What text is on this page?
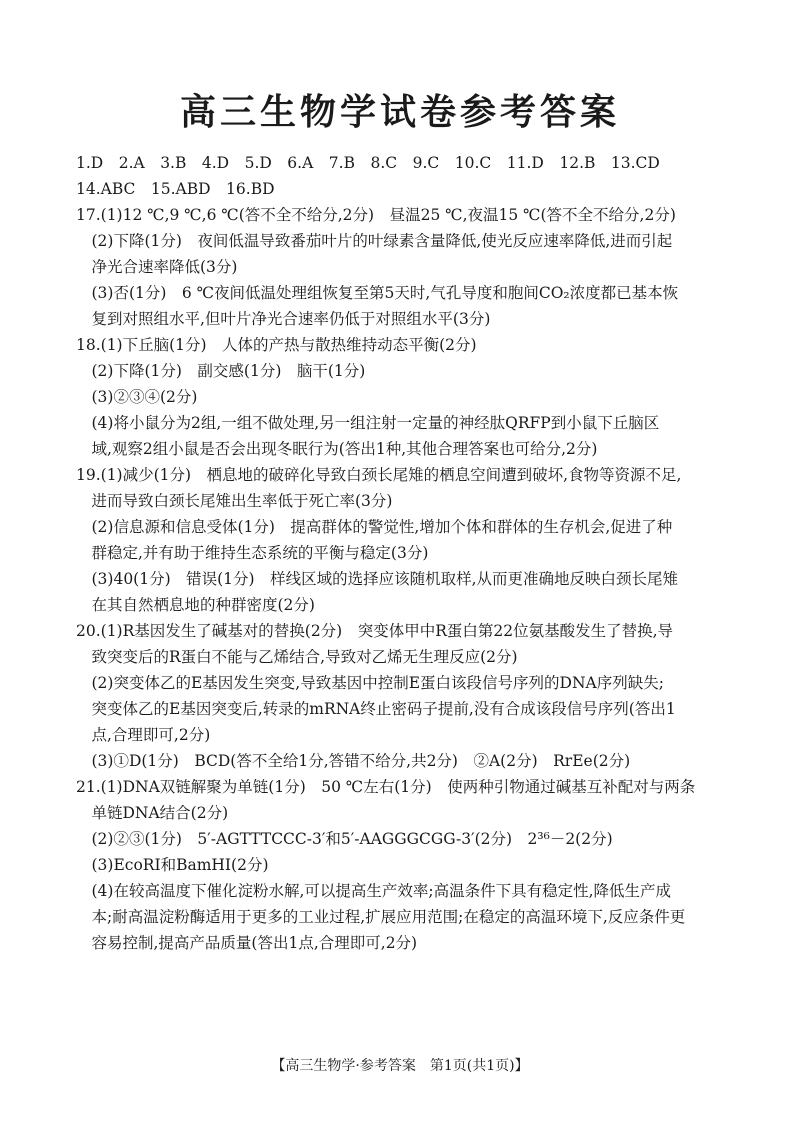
高三生物学试卷参考答案
1.D　2.A　3.B　4.D　5.D　6.A　7.B　8.C　9.C　10.C　11.D　12.B　13.CD
14.ABC　15.ABD　16.BD
17.(1)12 ℃,9 ℃,6 ℃(答不全不给分,2分)　昼温25 ℃,夜温15 ℃(答不全不给分,2分)
　(2)下降(1分)　夜间低温导致番茄叶片的叶绿素含量降低,使光反应速率降低,进而引起
　净光合速率降低(3分)
　(3)否(1分)　6 ℃夜间低温处理组恢复至第5天时,气孔导度和胞间CO₂浓度都已基本恢
　复到对照组水平,但叶片净光合速率仍低于对照组水平(3分)
18.(1)下丘脑(1分)　人体的产热与散热维持动态平衡(2分)
　(2)下降(1分)　副交感(1分)　脑干(1分)
　(3)②③④(2分)
　(4)将小鼠分为2组,一组不做处理,另一组注射一定量的神经肽QRFP到小鼠下丘脑区
　域,观察2组小鼠是否会出现冬眠行为(答出1种,其他合理答案也可给分,2分)
19.(1)减少(1分)　栖息地的破碎化导致白颈长尾雉的栖息空间遭到破坏,食物等资源不足,
　进而导致白颈长尾雉出生率低于死亡率(3分)
　(2)信息源和信息受体(1分)　提高群体的警觉性,增加个体和群体的生存机会,促进了种
　群稳定,并有助于维持生态系统的平衡与稳定(3分)
　(3)40(1分)　错误(1分)　样线区域的选择应该随机取样,从而更准确地反映白颈长尾雉
　在其自然栖息地的种群密度(2分)
20.(1)R基因发生了碱基对的替换(2分)　突变体甲中R蛋白第22位氨基酸发生了替换,导
　致突变后的R蛋白不能与乙烯结合,导致对乙烯无生理反应(2分)
　(2)突变体乙的E基因发生突变,导致基因中控制E蛋白该段信号序列的DNA序列缺失;
　突变体乙的E基因突变后,转录的mRNA终止密码子提前,没有合成该段信号序列(答出1
　点,合理即可,2分)
　(3)①D(1分)　BCD(答不全给1分,答错不给分,共2分)　②A(2分)　RrEe(2分)
21.(1)DNA双链解聚为单链(1分)　50 ℃左右(1分)　使两种引物通过碱基互补配对与两条
　单链DNA结合(2分)
　(2)②③(1分)　5′-AGTTTCCC-3′和5′-AAGGGCGG-3′(2分)　2³⁶－2(2分)
　(3)EcoRⅠ和BamHⅠ(2分)
　(4)在较高温度下催化淀粉水解,可以提高生产效率;高温条件下具有稳定性,降低生产成
　本;耐高温淀粉酶适用于更多的工业过程,扩展应用范围;在稳定的高温环境下,反应条件更
　容易控制,提高产品质量(答出1点,合理即可,2分)
【高三生物学·参考答案　第1页(共1页)】
